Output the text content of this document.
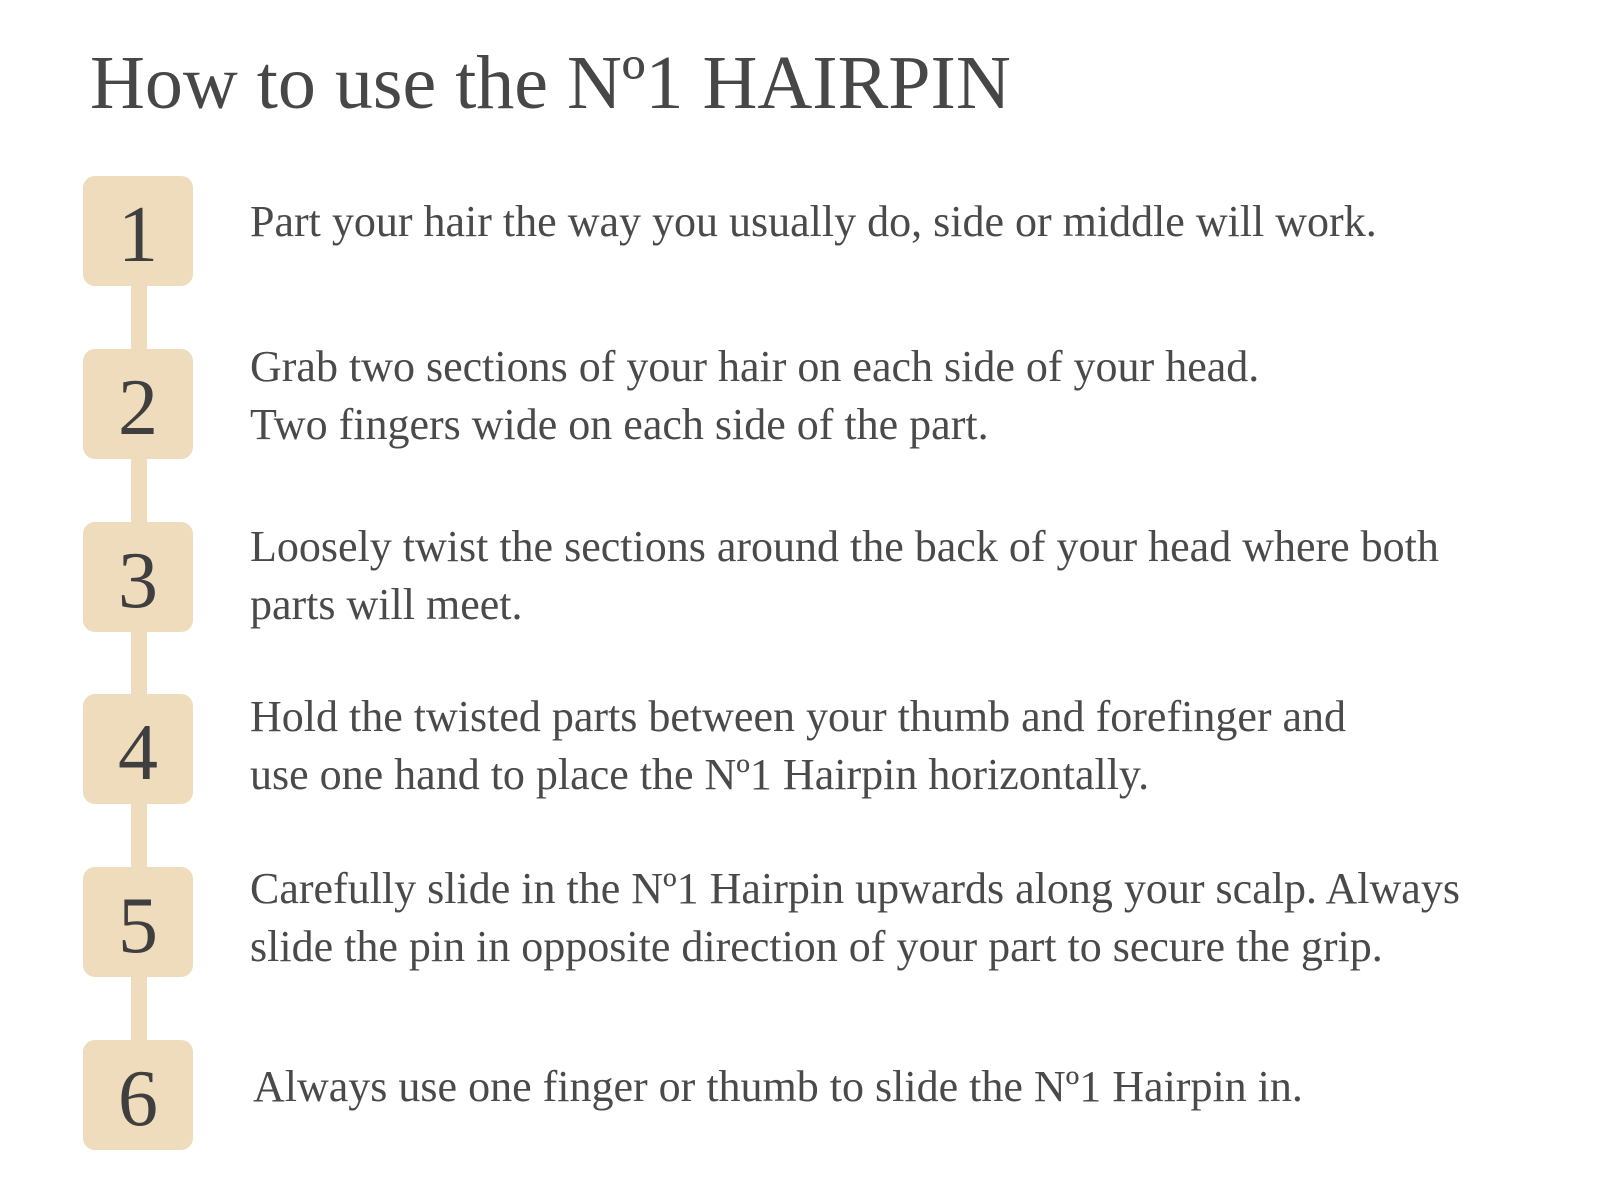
How to use the Nº1 HAIRPIN
1 Part your hair the way you usually do, side or middle will work.
2 Grab two sections of your hair on each side of your head.
Two fingers wide on each side of the part.
3 Loosely twist the sections around the back of your head where both
parts will meet.
4 Hold the twisted parts between your thumb and forefinger and
use one hand to place the Nº1 Hairpin horizontally.
5 Carefully slide in the Nº1 Hairpin upwards along your scalp. Always
slide the pin in opposite direction of your part to secure the grip.
6 Always use one finger or thumb to slide the Nº1 Hairpin in.
